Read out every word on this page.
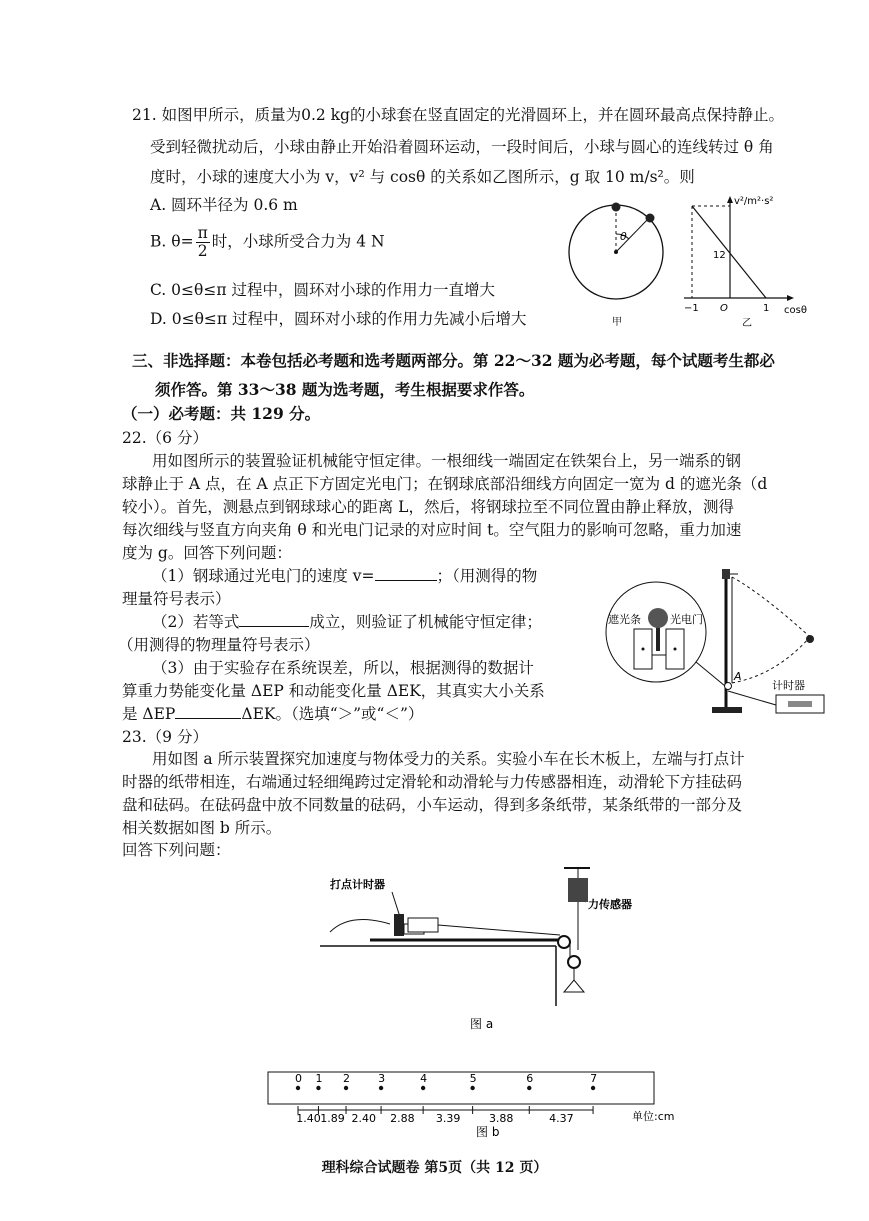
21. 如图甲所示，质量为0.2 kg的小球套在竖直固定的光滑圆环上，并在圆环最高点保持静止。
受到轻微扰动后，小球由静止开始沿着圆环运动，一段时间后，小球与圆心的连线转过 θ 角
度时，小球的速度大小为 v，v² 与 cosθ 的关系如乙图所示，g 取 10 m/s²。则
A. 圆环半径为 0.6 m
B. $\theta= \frac{\pi}{2}$ 时，小球所受合力为 4 N
C. 0≤θ≤π 过程中，圆环对小球的作用力一直增大
D. 0≤θ≤π 过程中，圆环对小球的作用力先减小后增大
θ
甲
v²/m²·s²
12
−1 O	1 cosθ
乙
三、非选择题：本卷包括必考题和选考题两部分。第 22～32 题为必考题，每个试题考生都必
须作答。第 33～38 题为选考题，考生根据要求作答。
（一）必考题：共 129 分。
22.（6 分）
用如图所示的装置验证机械能守恒定律。一根细线一端固定在铁架台上，另一端系的钢
球静止于 A 点，在 A 点正下方固定光电门；在钢球底部沿细线方向固定一宽为 d 的遮光条（d
较小）。首先，测悬点到钢球球心的距离 L，然后，将钢球拉至不同位置由静止释放，测得
每次细线与竖直方向夹角 θ 和光电门记录的对应时间 t。空气阻力的影响可忽略，重力加速
度为 g。回答下列问题：
（1）钢球通过光电门的速度 v=	；（用测得的物
理量符号表示）
（2）若等式	成立，则验证了机械能守恒定律；
（用测得的物理量符号表示）
（3）由于实验存在系统误差，所以，根据测得的数据计
算重力势能变化量 ΔEP 和动能变化量 ΔEK，其真实大小关系
是 ΔEP	ΔEK。（选填“＞”或“＜”）
A
遮光条	光电门
计时器
23.（9 分）
用如图 a 所示装置探究加速度与物体受力的关系。实验小车在长木板上，左端与打点计
时器的纸带相连，右端通过轻细绳跨过定滑轮和动滑轮与力传感器相连，动滑轮下方挂砝码
盘和砝码。在砝码盘中放不同数量的砝码，小车运动，得到多条纸带，某条纸带的一部分及
相关数据如图 b 所示。
回答下列问题：
打点计时器
力传感器
图 a
单位:cm
图 b
0 1 2	3	4	5	6	7
1.40 1.89 2.40 2.88 3.39	3.88	4.37
理科综合试题卷 第5页（共 12 页）
